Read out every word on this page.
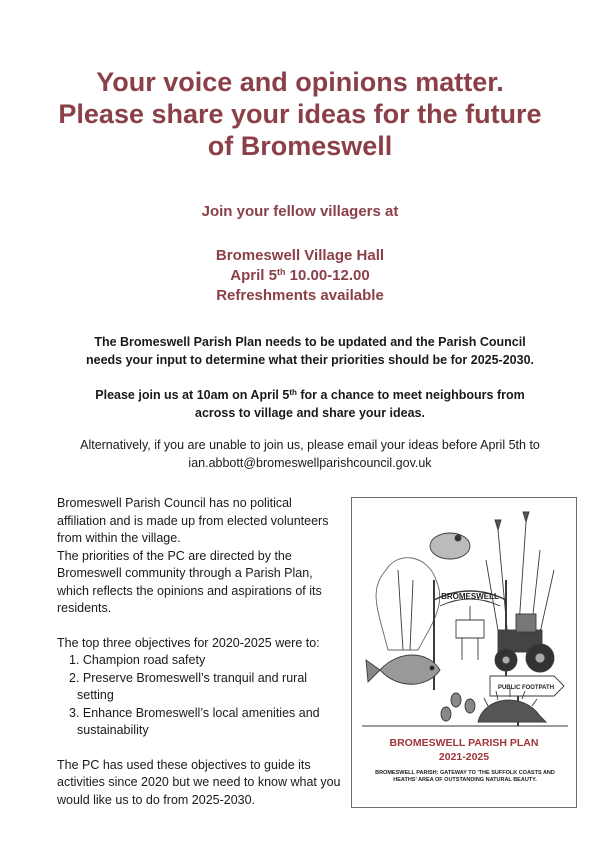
Your voice and opinions matter.
Please share your ideas for the future
of Bromeswell
Join your fellow villagers at
Bromeswell Village Hall
April 5th 10.00-12.00
Refreshments available
The Bromeswell Parish Plan needs to be updated and the Parish Council
needs your input to determine what their priorities should be for 2025-2030.
Please join us at 10am on April 5th for a chance to meet neighbours from
across to village and share your ideas.
Alternatively, if you are unable to join us, please email your ideas before April 5th to
ian.abbott@bromeswellparishcouncil.gov.uk

Bromeswell Parish Council has no political affiliation and is made up from elected volunteers from within the village.

The priorities of the PC are directed by the Bromeswell community through a Parish Plan, which reflects the opinions and aspirations of its residents.

The top three objectives for 2020-2025 were to:

1. Champion road safety
2. Preserve Bromeswell’s tranquil and rural setting
3. Enhance Bromeswell’s local amenities and sustainability

The PC has used these objectives to guide its activities since 2020 but we need to know what you would like us to do from 2025-2030.

BROMESWELL
PUBLIC FOOTPATH
BROMESWELL PARISH PLAN
2021-2025
BROMESWELL PARISH: GATEWAY TO 'THE SUFFOLK COASTS AND HEATHS' AREA OF OUTSTANDING NATURAL BEAUTY.
